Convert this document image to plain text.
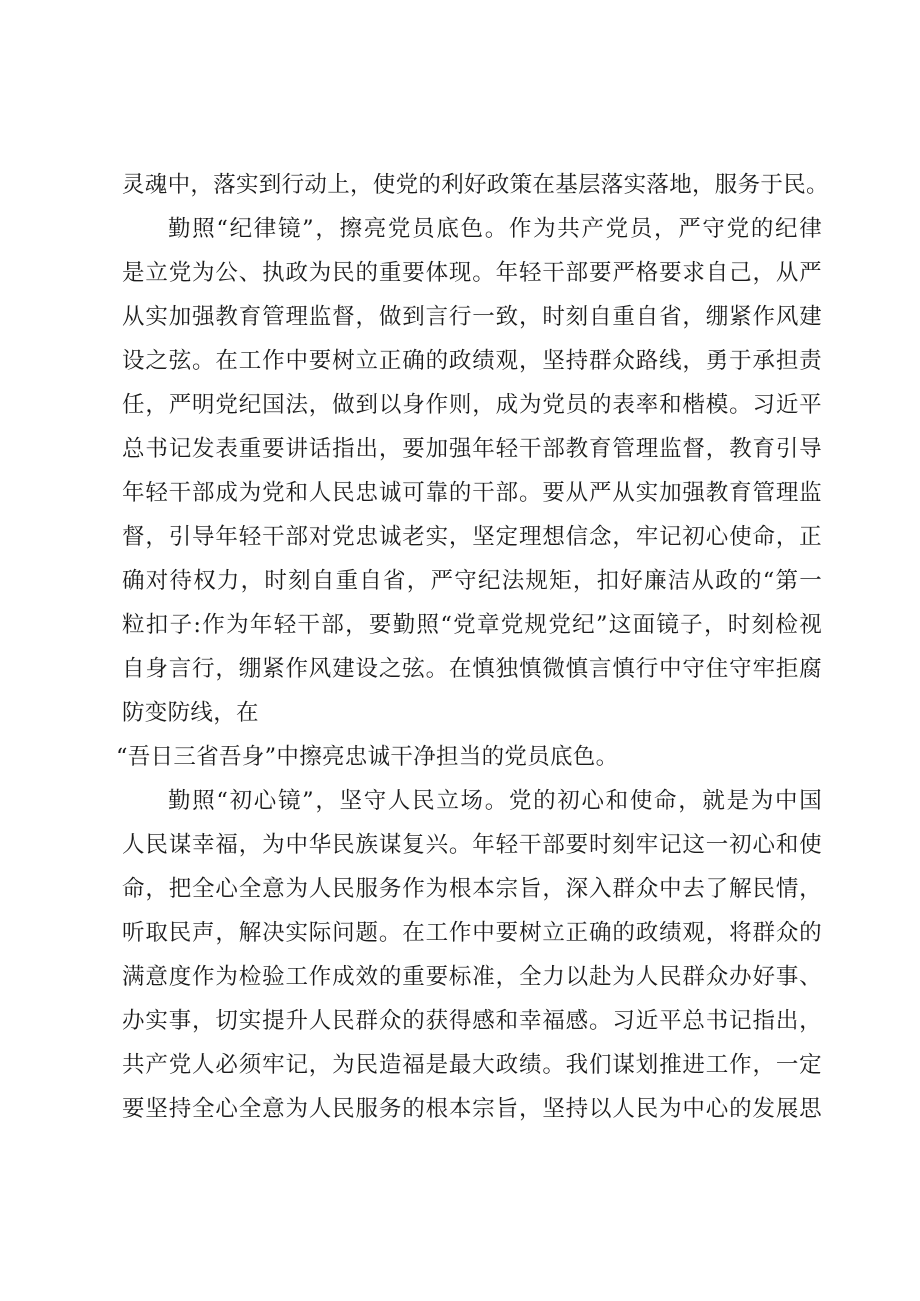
灵魂中，落实到行动上，使党的利好政策在基层落实落地，服务于民。
勤照“纪律镜”，擦亮党员底色。作为共产党员，严守党的纪律
是立党为公、执政为民的重要体现。年轻干部要严格要求自己，从严
从实加强教育管理监督，做到言行一致，时刻自重自省，绷紧作风建
设之弦。在工作中要树立正确的政绩观，坚持群众路线，勇于承担责
任，严明党纪国法，做到以身作则，成为党员的表率和楷模。习近平
总书记发表重要讲话指出，要加强年轻干部教育管理监督，教育引导
年轻干部成为党和人民忠诚可靠的干部。要从严从实加强教育管理监
督，引导年轻干部对党忠诚老实，坚定理想信念，牢记初心使命，正
确对待权力，时刻自重自省，严守纪法规矩，扣好廉洁从政的“第一
粒扣子:作为年轻干部，要勤照“党章党规党纪”这面镜子，时刻检视
自身言行，绷紧作风建设之弦。在慎独慎微慎言慎行中守住守牢拒腐
防变防线，在
“吾日三省吾身”中擦亮忠诚干净担当的党员底色。
勤照“初心镜”，坚守人民立场。党的初心和使命，就是为中国
人民谋幸福，为中华民族谋复兴。年轻干部要时刻牢记这一初心和使
命，把全心全意为人民服务作为根本宗旨，深入群众中去了解民情，
听取民声，解决实际问题。在工作中要树立正确的政绩观，将群众的
满意度作为检验工作成效的重要标准，全力以赴为人民群众办好事、
办实事，切实提升人民群众的获得感和幸福感。习近平总书记指出，
共产党人必须牢记，为民造福是最大政绩。我们谋划推进工作，一定
要坚持全心全意为人民服务的根本宗旨，坚持以人民为中心的发展思
